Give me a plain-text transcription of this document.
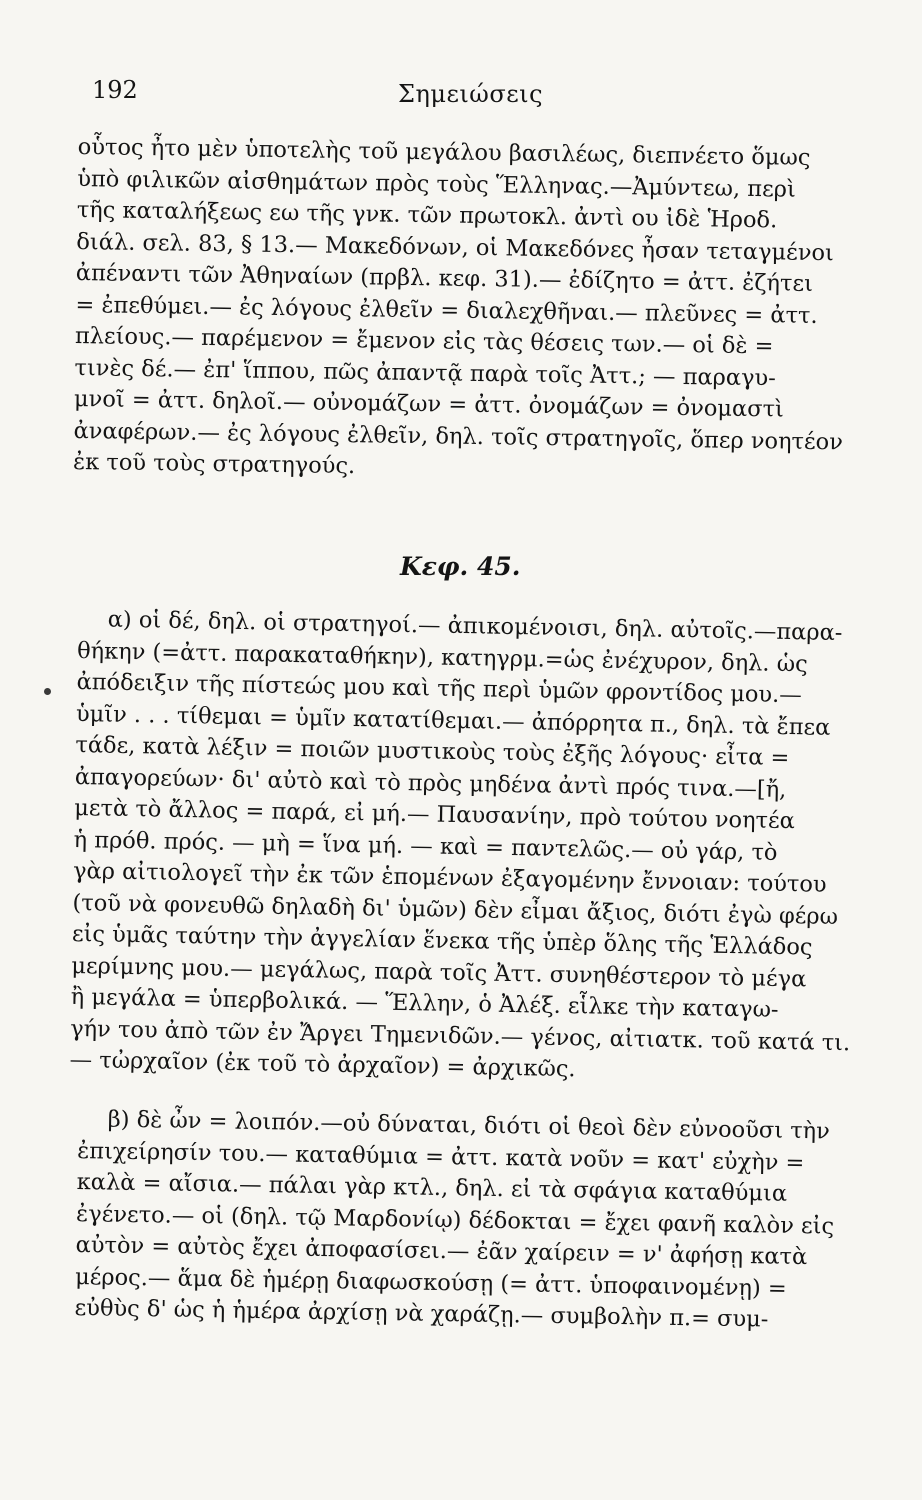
192	Σημειώσεις

οὗτος ἦτο μὲν ὑποτελὴς τοῦ μεγάλου βασιλέως, διεπνέετο ὅμως

ὑπὸ φιλικῶν αἰσθημάτων πρὸς τοὺς Ἕλληνας.—Ἀμύντεω, περὶ

τῆς καταλήξεως εω τῆς γνκ. τῶν πρωτοκλ. ἀντὶ ου ἰδὲ Ἡροδ.

διάλ. σελ. 83, § 13.— Μακεδόνων, οἱ Μακεδόνες ἦσαν τεταγμένοι

ἀπέναντι τῶν Ἀθηναίων (πρβλ. κεφ. 31).— ἐδίζητο = ἀττ. ἐζήτει

= ἐπεθύμει.— ἐς λόγους ἐλθεῖν = διαλεχθῆναι.— πλεῦνες = ἀττ.

πλείους.— παρέμενον = ἔμενον εἰς τὰς θέσεις των.— οἱ δὲ =

τινὲς δέ.— ἐπ' ἵππου, πῶς ἀπαντᾷ παρὰ τοῖς Ἀττ.; — παραγυ-

μνοῖ = ἀττ. δηλοῖ.— οὐνομάζων = ἀττ. ὀνομάζων = ὀνομαστὶ

ἀναφέρων.— ἐς λόγους ἐλθεῖν, δηλ. τοῖς στρατηγοῖς, ὅπερ νοητέον

ἐκ τοῦ τοὺς στρατηγούς.

Κεφ. 45.

α) οἱ δέ, δηλ. οἱ στρατηγοί.— ἀπικομένοισι, δηλ. αὐτοῖς.—παρα-

θήκην (=ἀττ. παρακαταθήκην), κατηγρμ.=ὡς ἐνέχυρον, δηλ. ὡς

ἀπόδειξιν τῆς πίστεώς μου καὶ τῆς περὶ ὑμῶν φροντίδος μου.—

ὑμῖν . . . τίθεμαι = ὑμῖν κατατίθεμαι.— ἀπόρρητα π., δηλ. τὰ ἔπεα

τάδε, κατὰ λέξιν = ποιῶν μυστικοὺς τοὺς ἐξῆς λόγους· εἶτα =

ἀπαγορεύων· δι' αὐτὸ καὶ τὸ πρὸς μηδένα ἀντὶ πρός τινα.—[ἤ,

μετὰ τὸ ἄλλος = παρά, εἰ μή.— Παυσανίην, πρὸ τούτου νοητέα

ἡ πρόθ. πρός. — μὴ = ἵνα μή. — καὶ = παντελῶς.— οὐ γάρ, τὸ

γὰρ αἰτιολογεῖ τὴν ἐκ τῶν ἑπομένων ἐξαγομένην ἔννοιαν: τούτου

(τοῦ νὰ φονευθῶ δηλαδὴ δι' ὑμῶν) δὲν εἶμαι ἄξιος, διότι ἐγὼ φέρω

εἰς ὑμᾶς ταύτην τὴν ἀγγελίαν ἕνεκα τῆς ὑπὲρ ὅλης τῆς Ἑλλάδος

μερίμνης μου.— μεγάλως, παρὰ τοῖς Ἀττ. συνηθέστερον τὸ μέγα

ἢ μεγάλα = ὑπερβολικά. — Ἕλλην, ὁ Ἀλέξ. εἷλκε τὴν καταγω-

γήν του ἀπὸ τῶν ἐν Ἄργει Τημενιδῶν.— γένος, αἰτιατκ. τοῦ κατά τι.

— τὠρχαῖον (ἐκ τοῦ τὸ ἀρχαῖον) = ἀρχικῶς.

β) δὲ ὦν = λοιπόν.—οὐ δύναται, διότι οἱ θεοὶ δὲν εὐνοοῦσι τὴν

ἐπιχείρησίν του.— καταθύμια = ἀττ. κατὰ νοῦν = κατ' εὐχὴν =

καλὰ = αἴσια.— πάλαι γὰρ κτλ., δηλ. εἰ τὰ σφάγια καταθύμια

ἐγένετο.— οἱ (δηλ. τῷ Μαρδονίῳ) δέδοκται = ἔχει φανῆ καλὸν εἰς

αὐτὸν = αὐτὸς ἔχει ἀποφασίσει.— ἐᾶν χαίρειν = ν' ἀφήσῃ κατὰ

μέρος.— ἅμα δὲ ἡμέρῃ διαφωσκούσῃ (= ἀττ. ὑποφαινομένῃ) =

εὐθὺς δ' ὡς ἡ ἡμέρα ἀρχίσῃ νὰ χαράζῃ.— συμβολὴν π.= συμ-
